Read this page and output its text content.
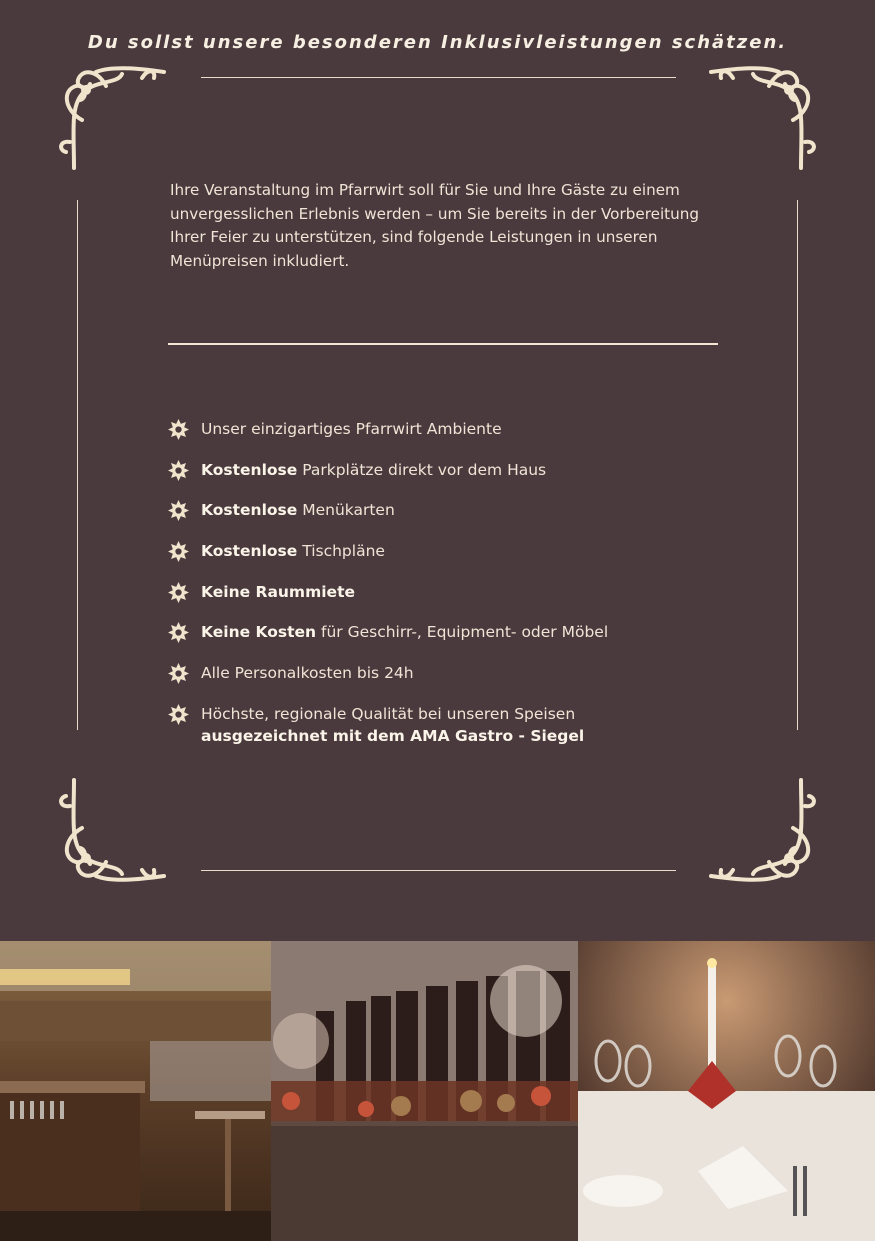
Du sollst unsere besonderen Inklusivleistungen schätzen.
Ihre Veranstaltung im Pfarrwirt soll für Sie und Ihre Gäste zu einem unvergesslichen Erlebnis werden – um Sie bereits in der Vorbereitung Ihrer Feier zu unterstützen, sind folgende Leistungen in unseren Menüpreisen inkludiert.
Unser einzigartiges Pfarrwirt Ambiente
Kostenlose Parkplätze direkt vor dem Haus
Kostenlose Menükarten
Kostenlose Tischpläne
Keine Raummiete
Keine Kosten für Geschirr-, Equipment- oder Möbel
Alle Personalkosten bis 24h
Höchste, regionale Qualität bei unseren Speisen
ausgezeichnet mit dem AMA Gastro - Siegel
